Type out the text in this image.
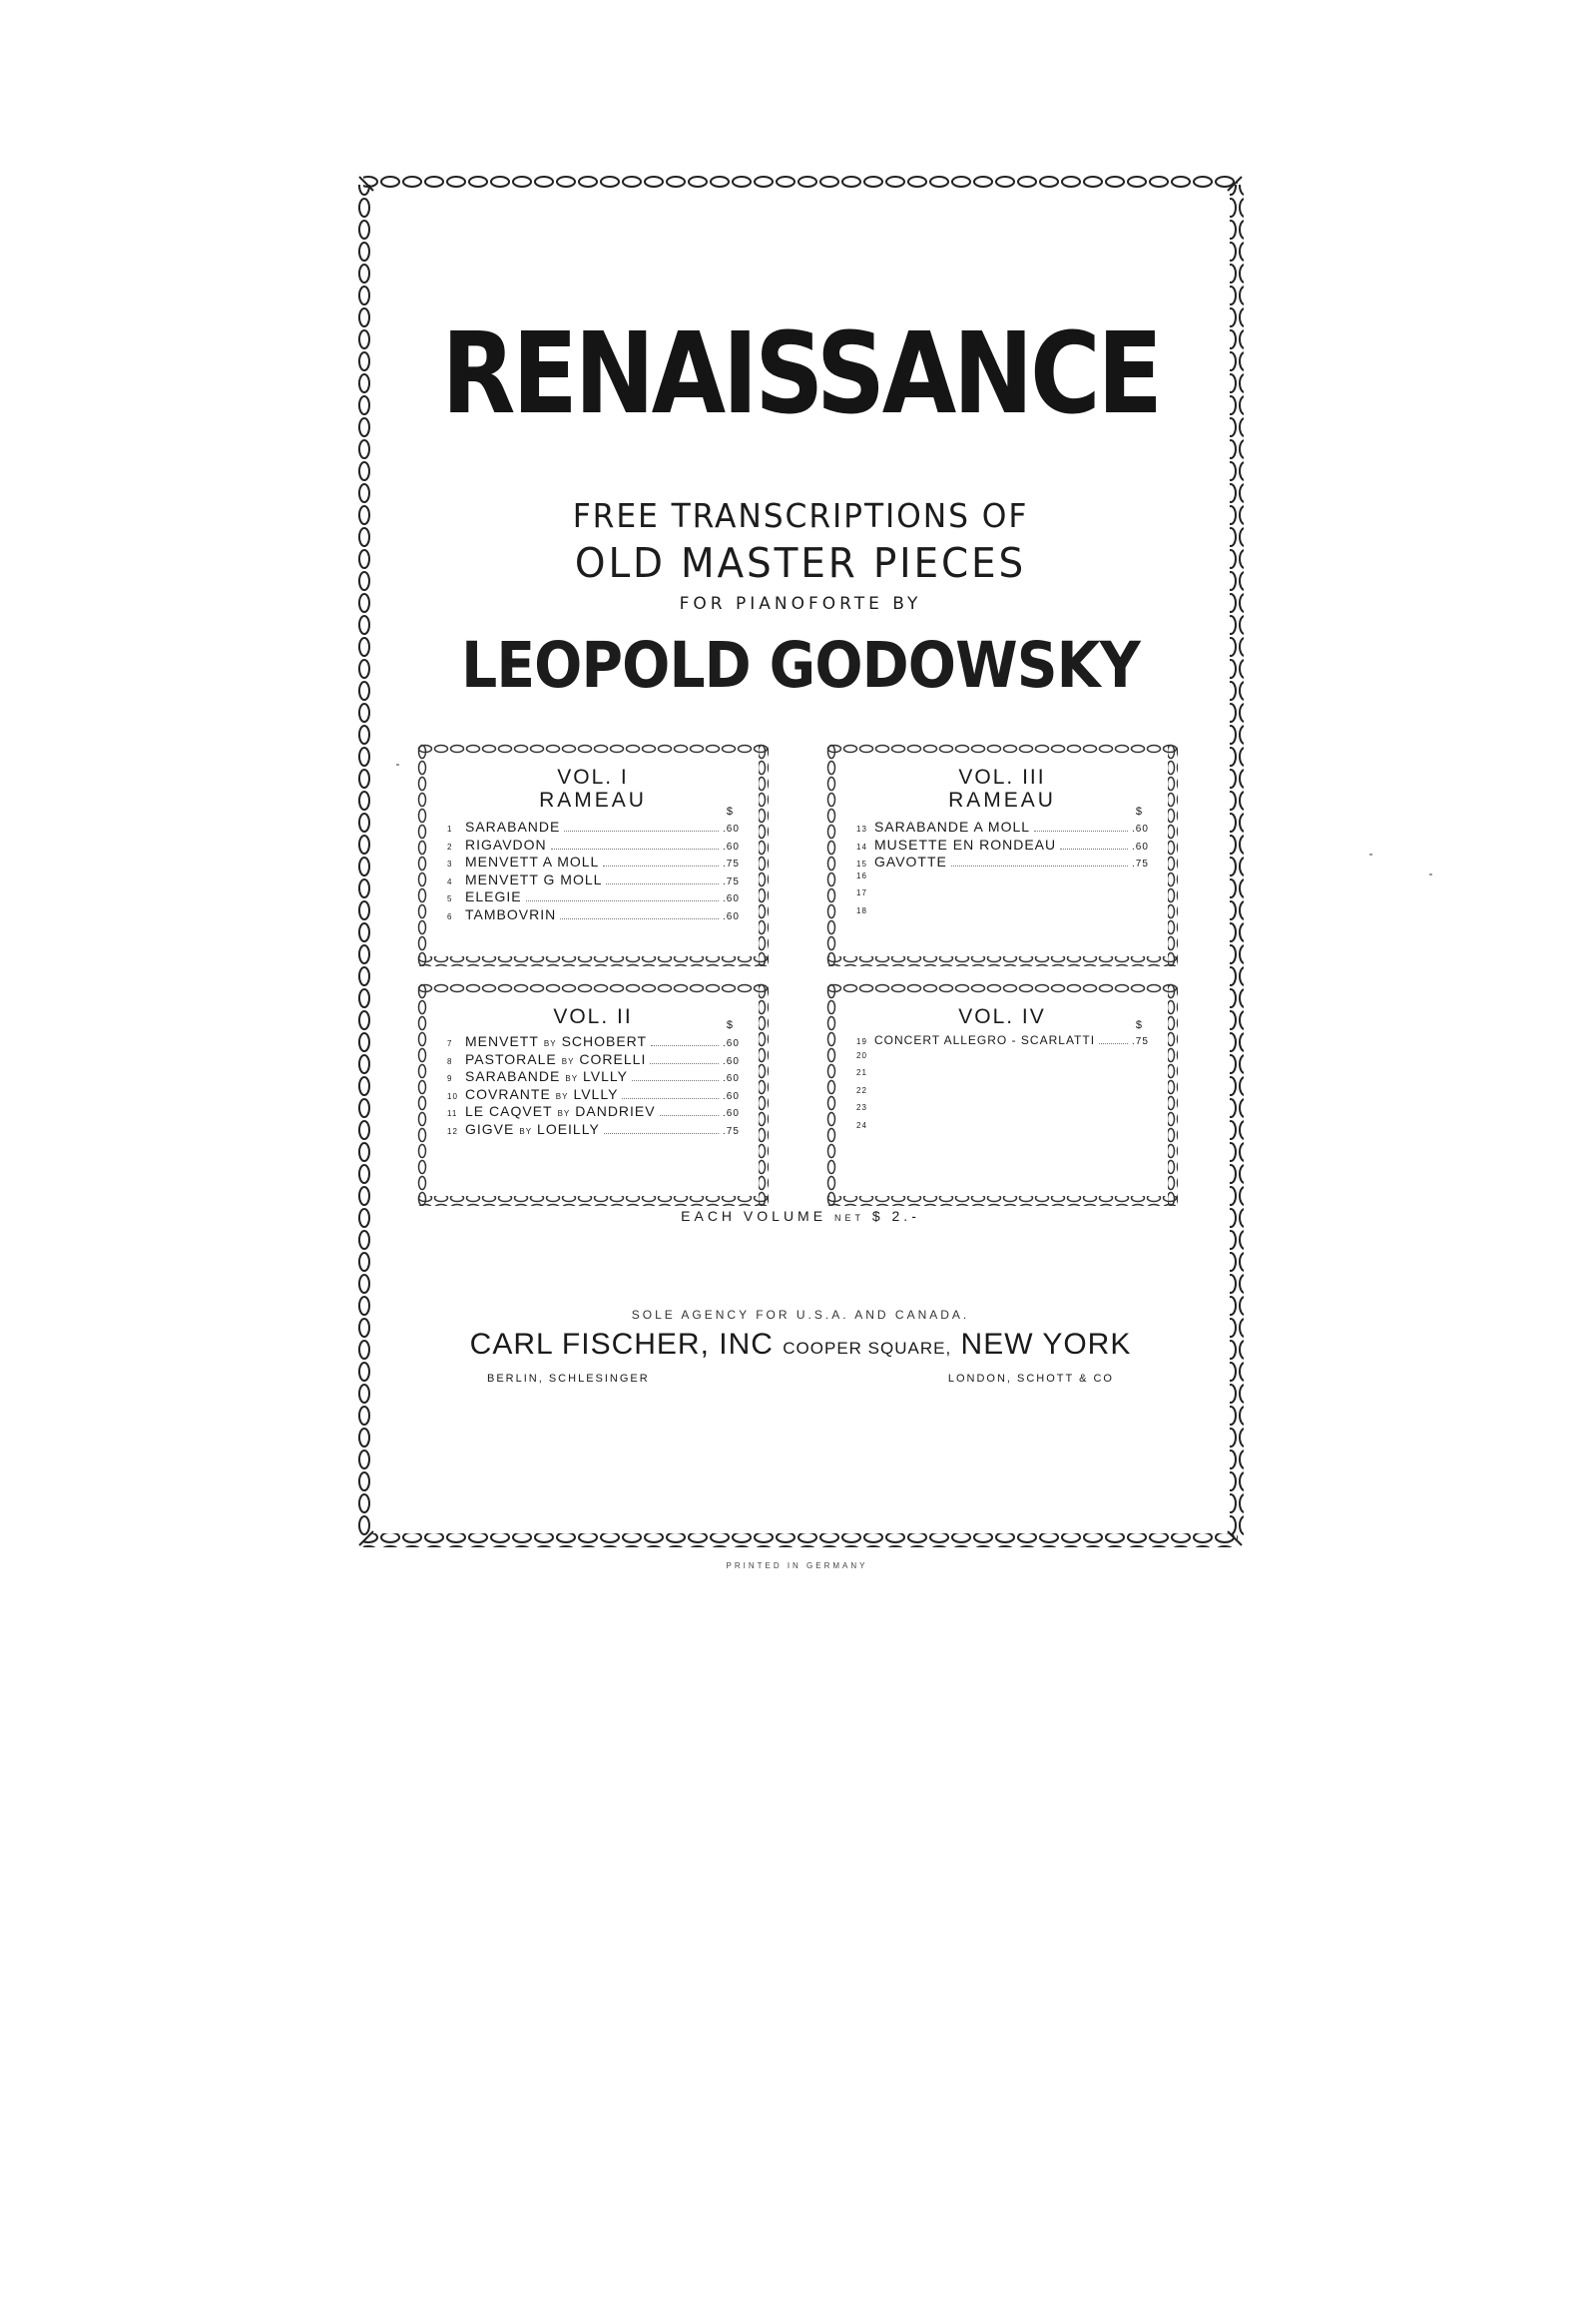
RENAISSANCE
FREE TRANSCRIPTIONS OF
OLD MASTER PIECES
FOR PIANOFORTE BY
LEOPOLD GODOWSKY
VOL. I
RAMEAU	$
1 SARABANDE	.60
2 RIGAVDON	.60
3 MENVETT A MOLL	.75
4 MENVETT G MOLL	.75
5 ELEGIE	.60
6 TAMBOVRIN	.60
VOL. III
RAMEAU	$
13 SARABANDE A MOLL	.60
14 MUSETTE EN RONDEAU	.60
15 GAVOTTE	.75
16
17
18
VOL. II	$
7 MENVETT BY SCHOBERT	.60
8 PASTORALE BY CORELLI	.60
9 SARABANDE BY LVLLY	.60
10 COVRANTE BY LVLLY	.60
11 LE CAQVET BY DANDRIEV	.60
12 GIGVE BY LOEILLY	.75
VOL. IV	$
19 CONCERT ALLEGRO - SCARLATTI	.75
20
21
22
23
24
EACH VOLUME NET $ 2.-
SOLE AGENCY FOR U.S.A. AND CANADA.
CARL FISCHER, INC COOPER SQUARE, NEW YORK
BERLIN, SCHLESINGER	LONDON, SCHOTT & CO
PRINTED IN GERMANY
